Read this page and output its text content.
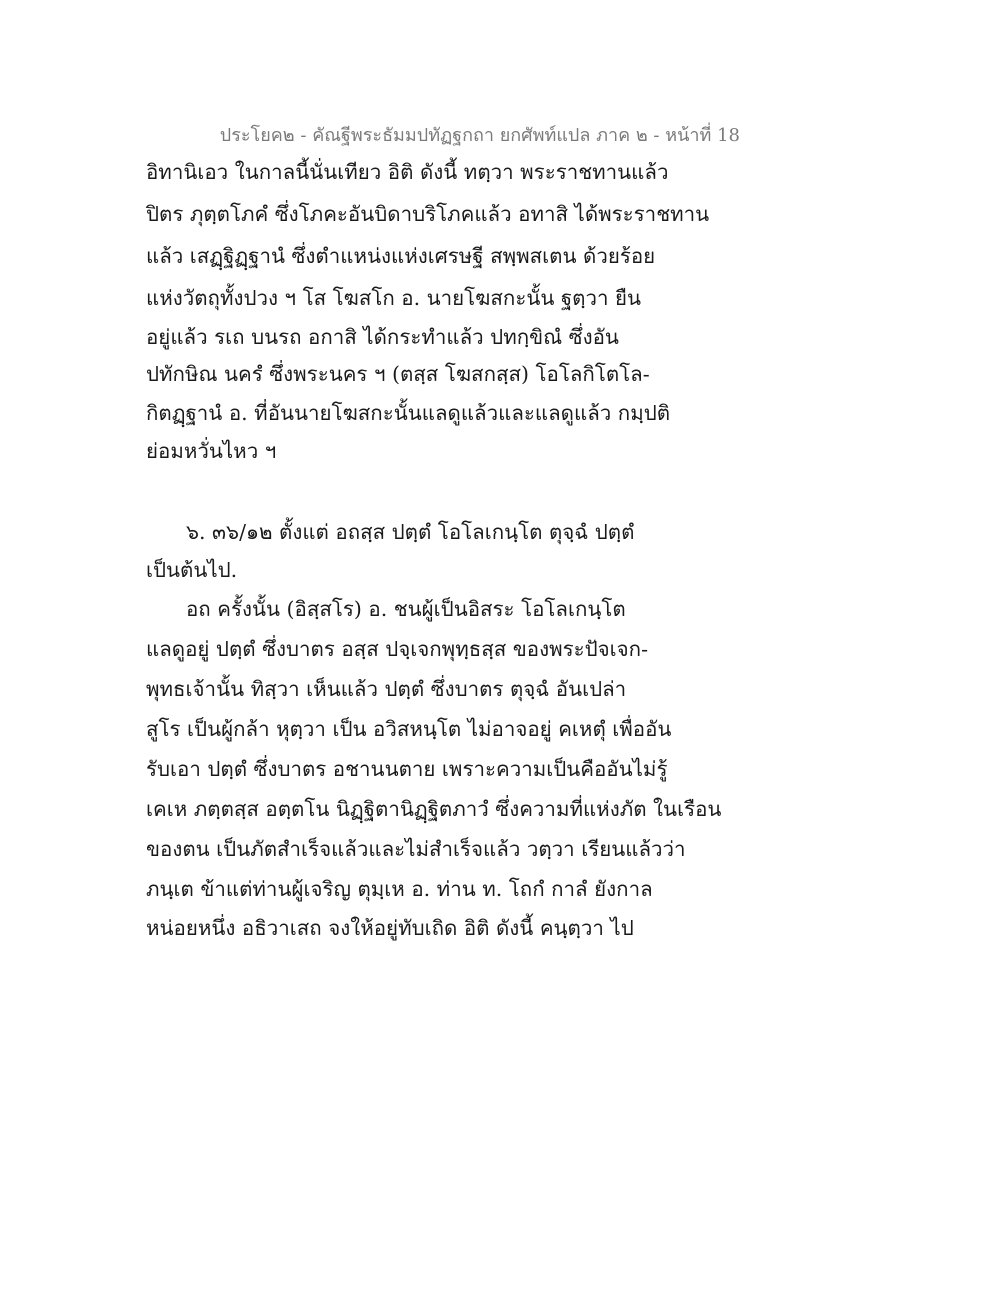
ประโยค๒ - คัณฐีพระธัมมปทัฏฐกถา ยกศัพท์แปล ภาค ๒ - หน้าที่ 18
อิทานิเอว ในกาลนี้นั่นเทียว อิติ ดังนี้ ทตฺวา พระราชทานแล้ว
ปิตร ภุตฺตโภคํ ซึ่งโภคะอันบิดาบริโภคแล้ว อทาสิ ได้พระราชทาน
แล้ว เสฏฺฐิฏฺฐานํ ซึ่งตำแหน่งแห่งเศรษฐี สพฺพสเตน ด้วยร้อย
แห่งวัตถุทั้งปวง ฯ โส โฆสโก อ. นายโฆสกะนั้น ฐตฺวา ยืน
อยู่แล้ว รเถ บนรถ อกาสิ ได้กระทำแล้ว ปทกฺขิณํ ซึ่งอัน
ปทักษิณ นครํ ซึ่งพระนคร ฯ (ตสฺส โฆสกสฺส) โอโลกิโตโล-
กิตฏฺฐานํ อ. ที่อันนายโฆสกะนั้นแลดูแล้วและแลดูแล้ว กมฺปติ
ย่อมหวั่นไหว ฯ
๖. ๓๖/๑๒ ตั้งแต่ อถสฺส ปตฺตํ โอโลเกนฺโต ตุจฺฉํ ปตฺตํ
เป็นต้นไป.
อถ ครั้งนั้น (อิสฺสโร) อ. ชนผู้เป็นอิสระ โอโลเกนฺโต
แลดูอยู่ ปตฺตํ ซึ่งบาตร อสฺส ปจฺเจกพุทฺธสฺส ของพระปัจเจก-
พุทธเจ้านั้น ทิสฺวา เห็นแล้ว ปตฺตํ ซึ่งบาตร ตุจฺฉํ อันเปล่า
สูโร เป็นผู้กล้า หุตฺวา เป็น อวิสหนฺโต ไม่อาจอยู่ คเหตุํ เพื่ออัน
รับเอา ปตฺตํ ซึ่งบาตร อชานนตาย เพราะความเป็นคืออันไม่รู้
เคเห ภตฺตสฺส อตฺตโน นิฏฺฐิตานิฏฺฐิตภาวํ ซึ่งความที่แห่งภัต ในเรือน
ของตน เป็นภัตสำเร็จแล้วและไม่สำเร็จแล้ว วตฺวา เรียนแล้วว่า
ภนฺเต ข้าแต่ท่านผู้เจริญ ตุมฺเห อ. ท่าน ท. โถกํ กาลํ ยังกาล
หน่อยหนึ่ง อธิวาเสถ จงให้อยู่ทับเถิด อิติ ดังนี้ คนฺตฺวา ไป
